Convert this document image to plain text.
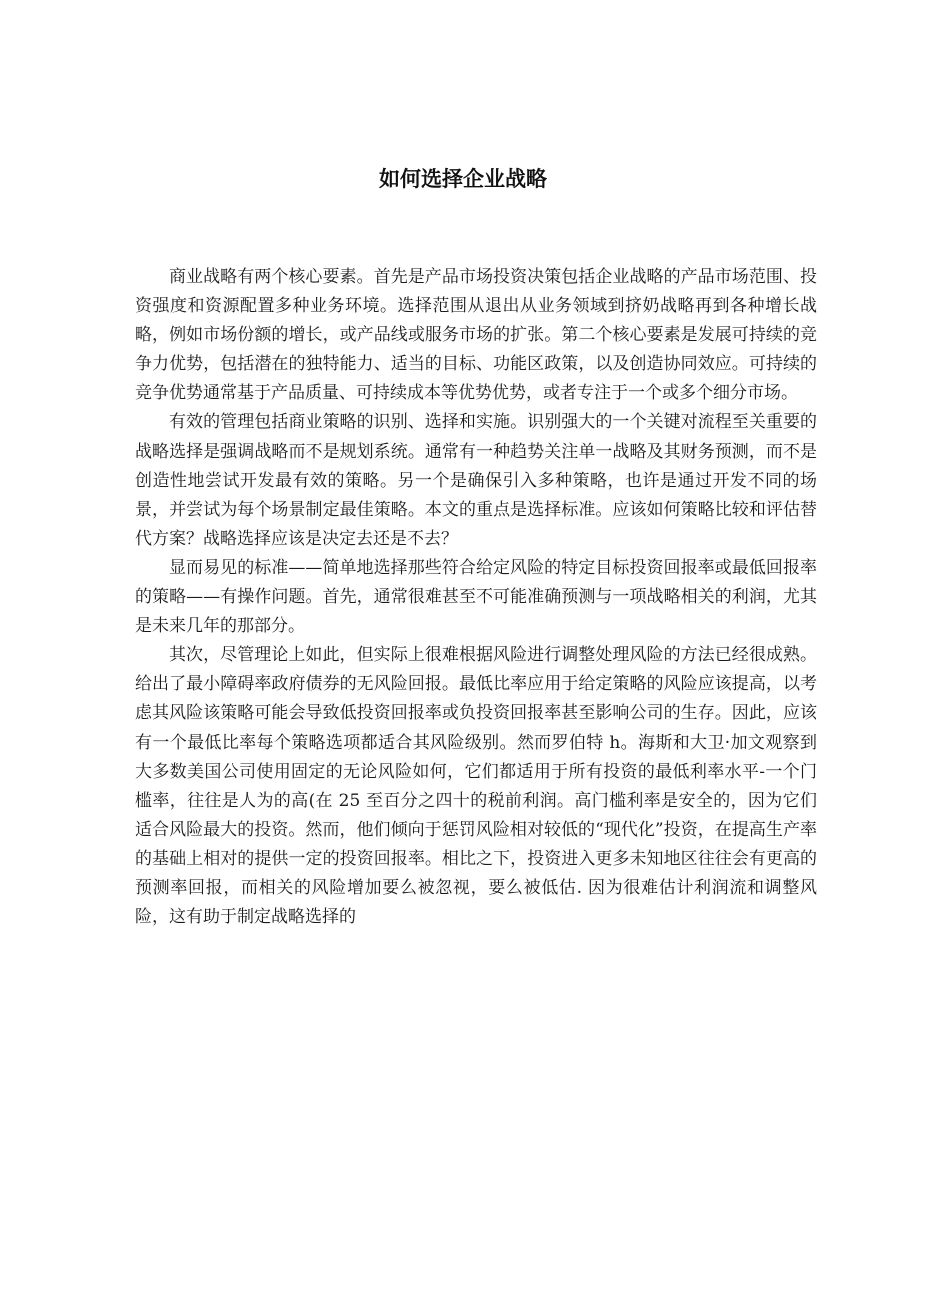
如何选择企业战略

商业战略有两个核心要素。首先是产品市场投资决策包括企业战略的产品市场范围、投资强度和资源配置多种业务环境。选择范围从退出从业务领域到挤奶战略再到各种增长战略，例如市场份额的增长，或产品线或服务市场的扩张。第二个核心要素是发展可持续的竞争力优势，包括潜在的独特能力、适当的目标、功能区政策，以及创造协同效应。可持续的竞争优势通常基于产品质量、可持续成本等优势优势，或者专注于一个或多个细分市场。

有效的管理包括商业策略的识别、选择和实施。识别强大的一个关键对流程至关重要的战略选择是强调战略而不是规划系统。通常有一种趋势关注单一战略及其财务预测，而不是创造性地尝试开发最有效的策略。另一个是确保引入多种策略，也许是通过开发不同的场景，并尝试为每个场景制定最佳策略。本文的重点是选择标准。应该如何策略比较和评估替代方案？战略选择应该是决定去还是不去？

显而易见的标准——简单地选择那些符合给定风险的特定目标投资回报率或最低回报率的策略——有操作问题。首先，通常很难甚至不可能准确预测与一项战略相关的利润，尤其是未来几年的那部分。

其次，尽管理论上如此，但实际上很难根据风险进行调整处理风险的方法已经很成熟。给出了最小障碍率政府债券的无风险回报。最低比率应用于给定策略的风险应该提高，以考虑其风险该策略可能会导致低投资回报率或负投资回报率甚至影响公司的生存。因此，应该有一个最低比率每个策略选项都适合其风险级别。然而罗伯特 h。海斯和大卫·加文观察到大多数美国公司使用固定的无论风险如何，它们都适用于所有投资的最低利率水平-一个门槛率，往往是人为的高(在 25 至百分之四十的税前利润。高门槛利率是安全的，因为它们适合风险最大的投资。然而，他们倾向于惩罚风险相对较低的“现代化”投资，在提高生产率的基础上相对的提供一定的投资回报率。相比之下，投资进入更多未知地区往往会有更高的预测率回报，而相关的风险增加要么被忽视，要么被低估. 因为很难估计利润流和调整风险，这有助于制定战略选择的
